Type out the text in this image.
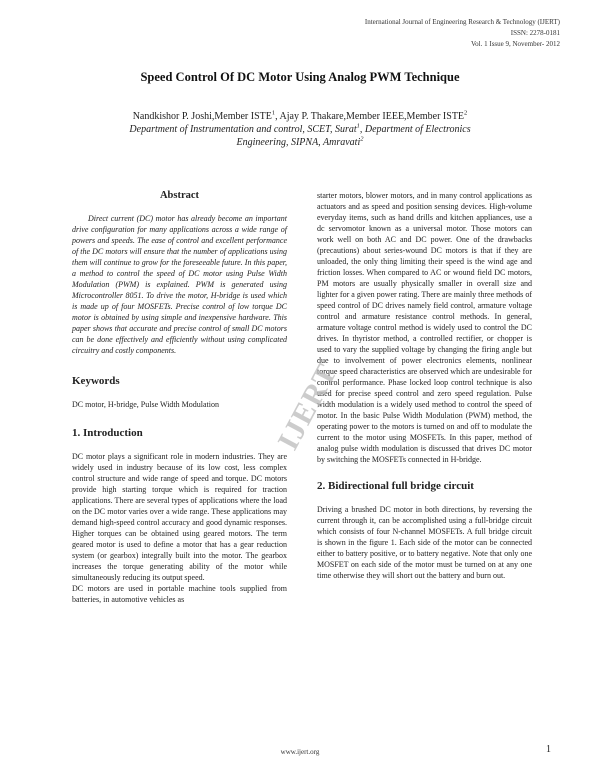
International Journal of Engineering Research & Technology (IJERT)
ISSN: 2278-0181
Vol. 1 Issue 9, November- 2012
Speed Control Of DC Motor Using Analog PWM Technique
Nandkishor P. Joshi,Member ISTE$^1$, Ajay P. Thakare,Member IEEE,Member ISTE$^2$
Department of Instrumentation and control, SCET, Surat$^1$, Department of Electronics
Engineering, SIPNA, Amravati$^2$
Abstract

Direct current (DC) motor has already become an important drive configuration for many applications across a wide range of powers and speeds. The ease of control and excellent performance of the DC motors will ensure that the number of applications using them will continue to grow for the foreseeable future. In this paper, a method to control the speed of DC motor using Pulse Width Modulation (PWM) is explained. PWM is generated using Microcontroller 8051. To drive the motor, H-bridge is used which is made up of four MOSFETs. Precise control of low torque DC motor is obtained by using simple and inexpensive hardware. This paper shows that accurate and precise control of small DC motors can be done effectively and efficiently without using complicated circuitry and costly components.

Keywords

DC motor, H-bridge, Pulse Width Modulation

1. Introduction

DC motor plays a significant role in modern industries. They are widely used in industry because of its low cost, less complex control structure and wide range of speed and torque. DC motors provide high starting torque which is required for traction applications. There are several types of applications where the load on the DC motor varies over a wide range. These applications may demand high-speed control accuracy and good dynamic responses. Higher torques can be obtained using geared motors. The term geared motor is used to define a motor that has a gear reduction system (or gearbox) integrally built into the motor. The gearbox increases the torque generating ability of the motor while simultaneously reducing its output speed.

DC motors are used in portable machine tools supplied from batteries, in automotive vehicles as

starter motors, blower motors, and in many control applications as actuators and as speed and position sensing devices. High-volume everyday items, such as hand drills and kitchen appliances, use a dc servomotor known as a universal motor. Those motors can work well on both AC and DC power. One of the drawbacks (precautions) about series-wound DC motors is that if they are unloaded, the only thing limiting their speed is the wind age and friction losses. When compared to AC or wound field DC motors, PM motors are usually physically smaller in overall size and lighter for a given power rating. There are mainly three methods of speed control of DC drives namely field control, armature voltage control and armature resistance control methods. In general, armature voltage control method is widely used to control the DC drives. In thyristor method, a controlled rectifier, or chopper is used to vary the supplied voltage by changing the firing angle but due to involvement of power electronics elements, nonlinear torque speed characteristics are observed which are undesirable for control performance. Phase locked loop control technique is also used for precise speed control and zero speed regulation. Pulse width modulation is a widely used method to control the speed of motor. In the basic Pulse Width Modulation (PWM) method, the operating power to the motors is turned on and off to modulate the current to the motor using MOSFETs. In this paper, method of analog pulse width modulation is discussed that drives DC motor by switching the MOSFETs connected in H-bridge.

2. Bidirectional full bridge circuit

Driving a brushed DC motor in both directions, by reversing the current through it, can be accomplished using a full-bridge circuit which consists of four N-channel MOSFETs. A full bridge circuit is shown in the figure 1. Each side of the motor can be connected either to battery positive, or to battery negative. Note that only one MOSFET on each side of the motor must be turned on at any one time otherwise they will short out the battery and burn out.

IJERT
www.ijert.org	1
